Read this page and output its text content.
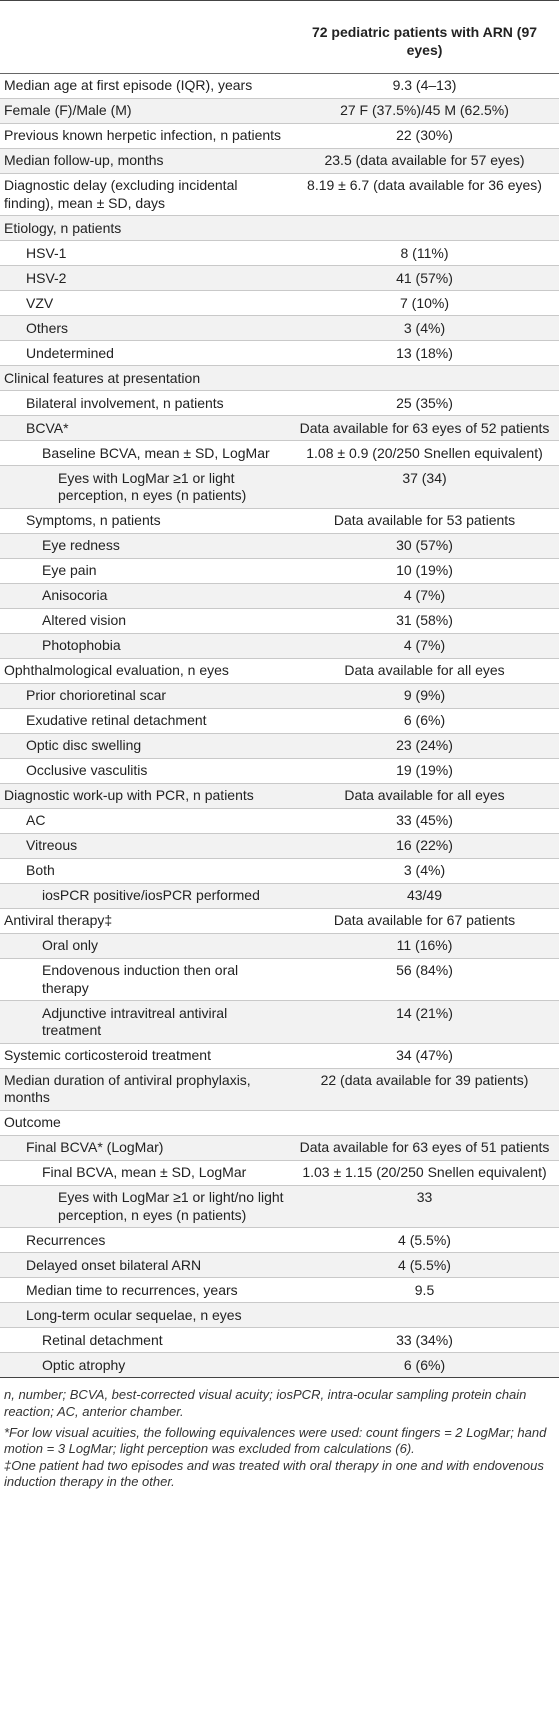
	72 pediatric patients with ARN (97 eyes)
Median age at first episode (IQR), years	9.3 (4–13)
Female (F)/Male (M)	27 F (37.5%)/45 M (62.5%)
Previous known herpetic infection, n patients	22 (30%)
Median follow-up, months	23.5 (data available for 57 eyes)
Diagnostic delay (excluding incidental finding), mean ± SD, days	8.19 ± 6.7 (data available for 36 eyes)
Etiology, n patients	
HSV-1	8 (11%)
HSV-2	41 (57%)
VZV	7 (10%)
Others	3 (4%)
Undetermined	13 (18%)
Clinical features at presentation	
Bilateral involvement, n patients	25 (35%)
BCVA*	Data available for 63 eyes of 52 patients
Baseline BCVA, mean ± SD, LogMar	1.08 ± 0.9 (20/250 Snellen equivalent)
Eyes with LogMar ≥1 or light perception, n eyes (n patients)	37 (34)
Symptoms, n patients	Data available for 53 patients
Eye redness	30 (57%)
Eye pain	10 (19%)
Anisocoria	4 (7%)
Altered vision	31 (58%)
Photophobia	4 (7%)
Ophthalmological evaluation, n eyes	Data available for all eyes
Prior chorioretinal scar	9 (9%)
Exudative retinal detachment	6 (6%)
Optic disc swelling	23 (24%)
Occlusive vasculitis	19 (19%)
Diagnostic work-up with PCR, n patients	Data available for all eyes
AC	33 (45%)
Vitreous	16 (22%)
Both	3 (4%)
iosPCR positive/iosPCR performed	43/49
Antiviral therapy‡	Data available for 67 patients
Oral only	11 (16%)
Endovenous induction then oral therapy	56 (84%)
Adjunctive intravitreal antiviral treatment	14 (21%)
Systemic corticosteroid treatment	34 (47%)
Median duration of antiviral prophylaxis, months	22 (data available for 39 patients)
Outcome	
Final BCVA* (LogMar)	Data available for 63 eyes of 51 patients
Final BCVA, mean ± SD, LogMar	1.03 ± 1.15 (20/250 Snellen equivalent)
Eyes with LogMar ≥1 or light/no light perception, n eyes (n patients)	33
Recurrences	4 (5.5%)
Delayed onset bilateral ARN	4 (5.5%)
Median time to recurrences, years	9.5
Long-term ocular sequelae, n eyes	
Retinal detachment	33 (34%)
Optic atrophy	6 (6%)

n, number; BCVA, best-corrected visual acuity; iosPCR, intra-ocular sampling protein chain reaction; AC, anterior chamber.

*For low visual acuities, the following equivalences were used: count fingers = 2 LogMar; hand motion = 3 LogMar; light perception was excluded from calculations (6).

‡One patient had two episodes and was treated with oral therapy in one and with endovenous induction therapy in the other.
